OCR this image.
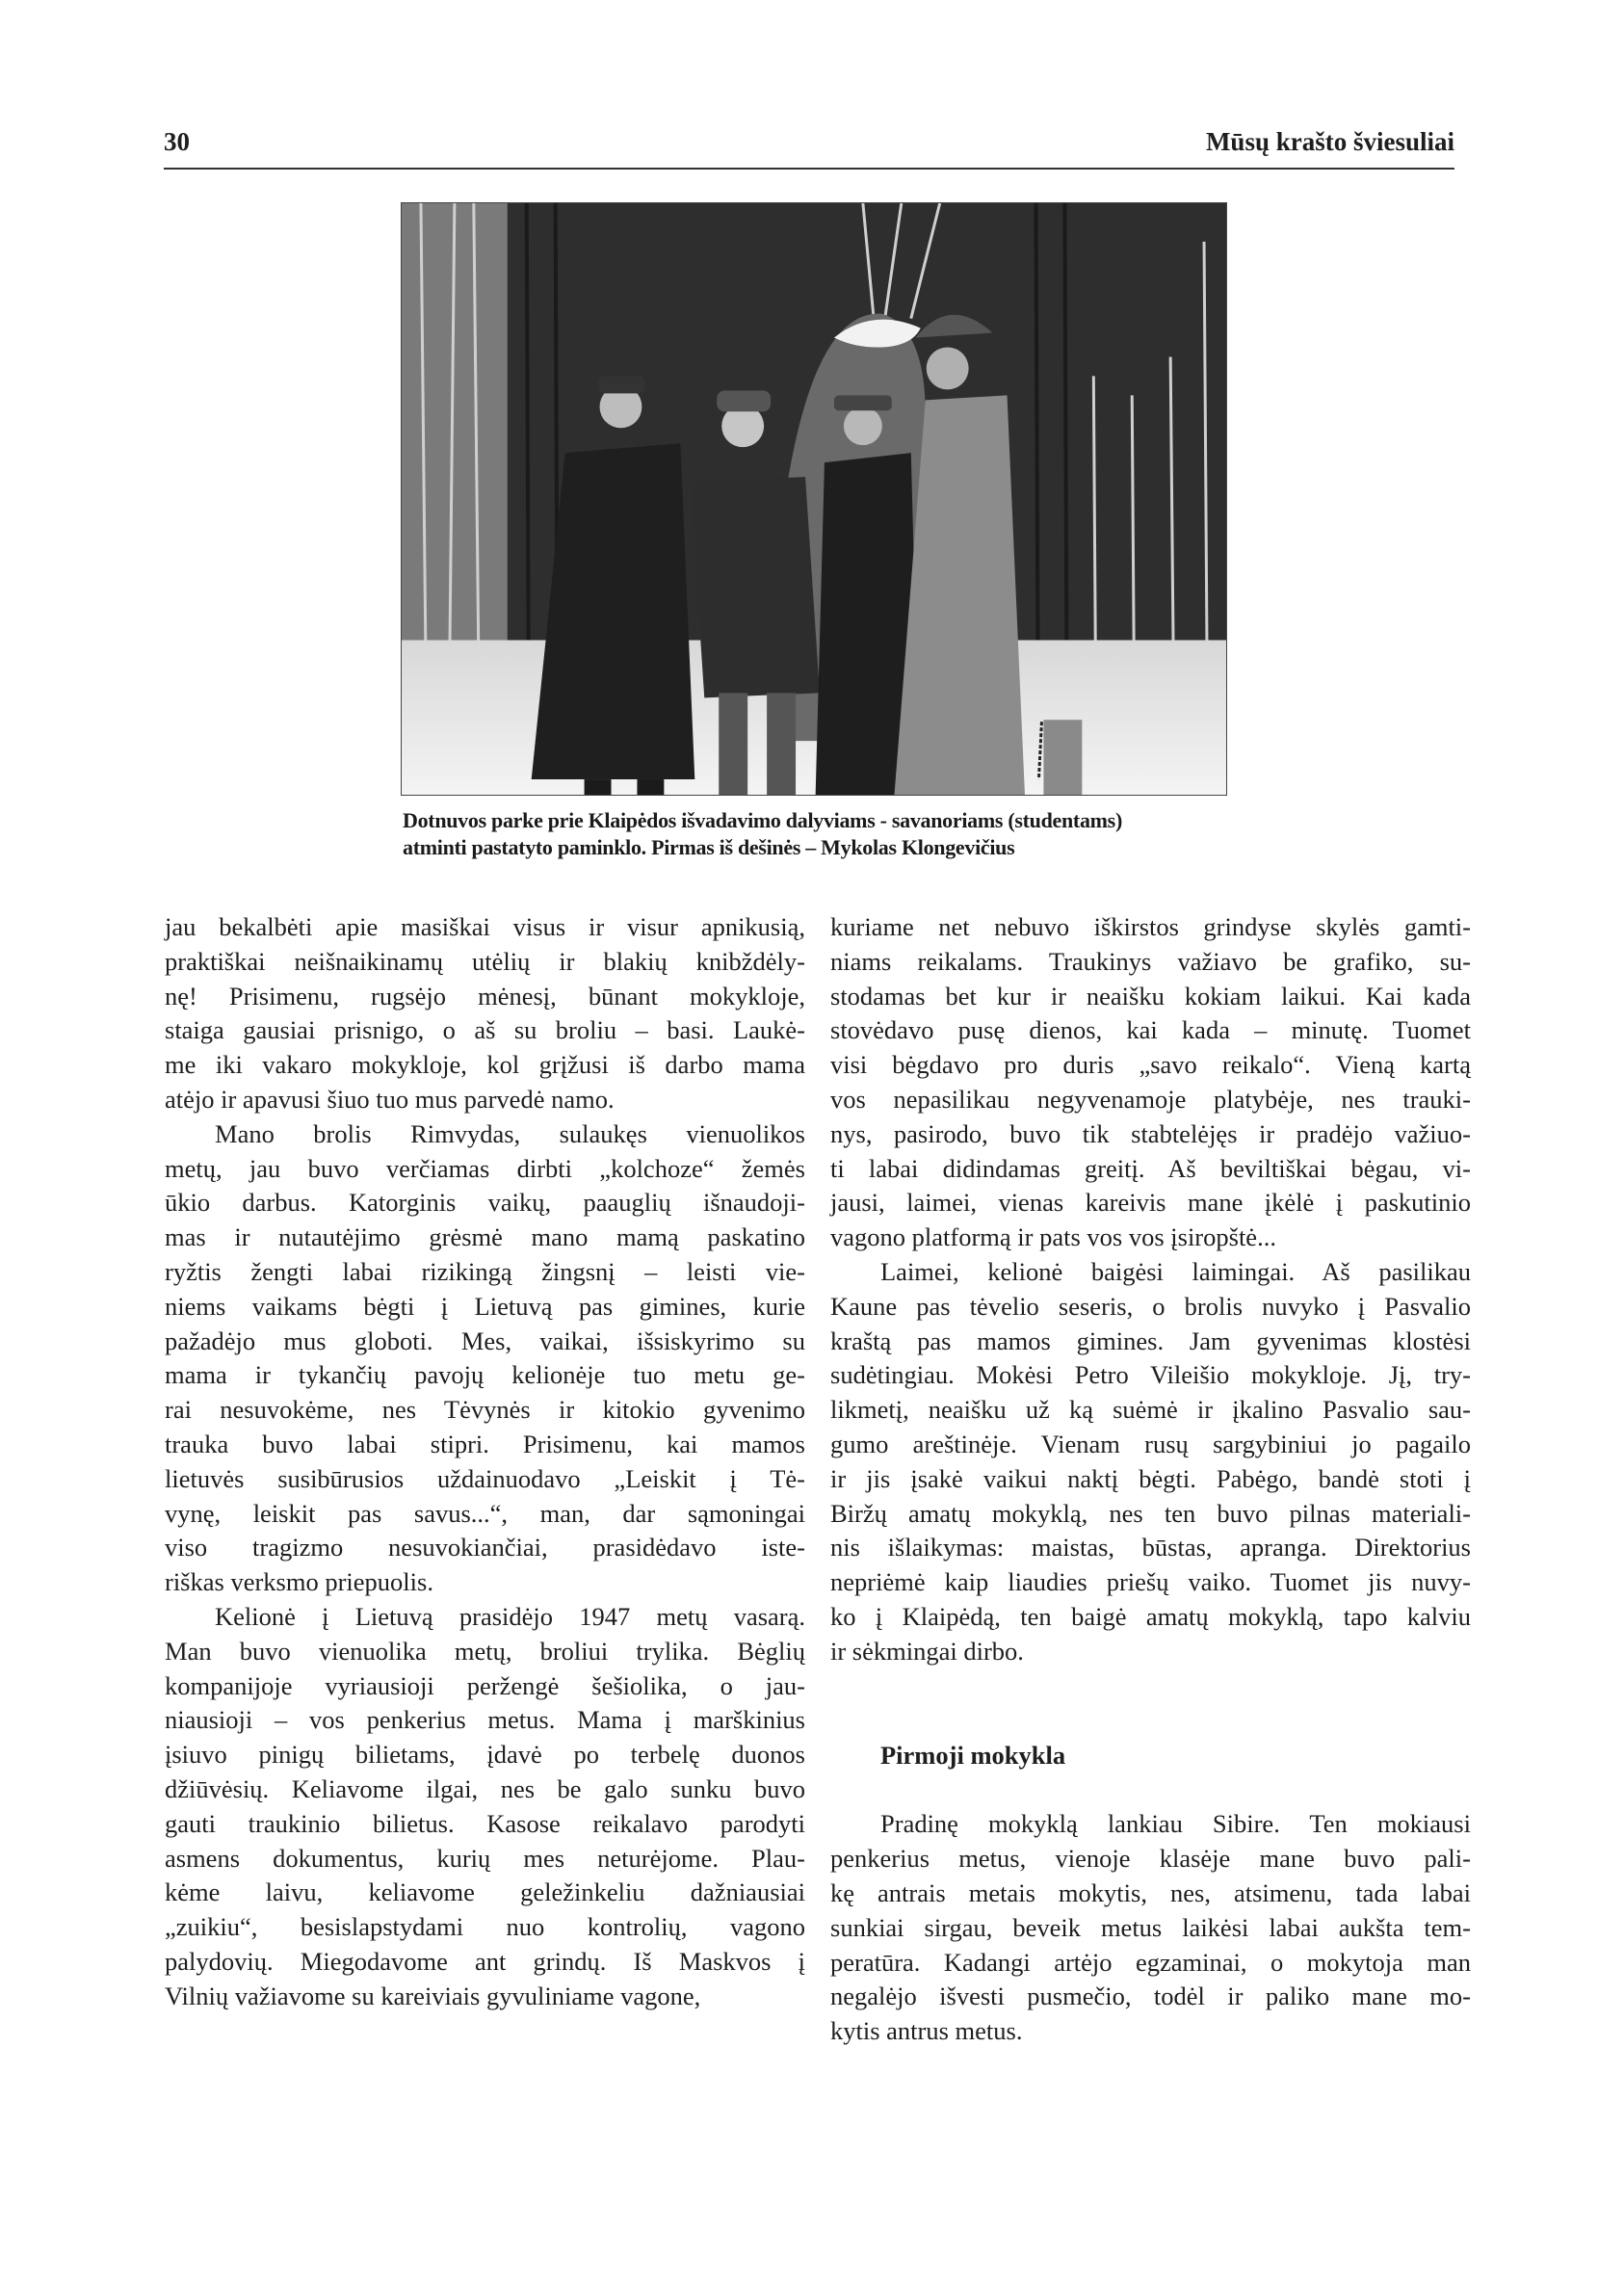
30	Mūsų krašto šviesuliai
Dotnuvos parke prie Klaipėdos išvadavimo dalyviams - savanoriams (studentams)
atminti pastatyto paminklo. Pirmas iš dešinės – Mykolas Klongevičius
jau bekalbėti apie masiškai visus ir visur apnikusią,
praktiškai neišnaikinamų utėlių ir blakių knibždėly-
nę! Prisimenu, rugsėjo mėnesį, būnant mokykloje,
staiga gausiai prisnigo, o aš su broliu – basi. Laukė-
me iki vakaro mokykloje, kol grįžusi iš darbo mama
atėjo ir apavusi šiuo tuo mus parvedė namo.
Mano brolis Rimvydas, sulaukęs vienuolikos
metų, jau buvo verčiamas dirbti „kolchoze“ žemės
ūkio darbus. Katorginis vaikų, paauglių išnaudoji-
mas ir nutautėjimo grėsmė mano mamą paskatino
ryžtis žengti labai rizikingą žingsnį – leisti vie-
niems vaikams bėgti į Lietuvą pas gimines, kurie
pažadėjo mus globoti. Mes, vaikai, išsiskyrimo su
mama ir tykančių pavojų kelionėje tuo metu ge-
rai nesuvokėme, nes Tėvynės ir kitokio gyvenimo
trauka buvo labai stipri. Prisimenu, kai mamos
lietuvės susibūrusios uždainuodavo „Leiskit į Tė-
vynę, leiskit pas savus...“, man, dar sąmoningai
viso tragizmo nesuvokiančiai, prasidėdavo iste-
riškas verksmo priepuolis.
Kelionė į Lietuvą prasidėjo 1947 metų vasarą.
Man buvo vienuolika metų, broliui trylika. Bėglių
kompanijoje vyriausioji peržengė šešiolika, o jau-
niausioji – vos penkerius metus. Mama į marškinius
įsiuvo pinigų bilietams, įdavė po terbelę duonos
džiūvėsių. Keliavome ilgai, nes be galo sunku buvo
gauti traukinio bilietus. Kasose reikalavo parodyti
asmens dokumentus, kurių mes neturėjome. Plau-
kėme laivu, keliavome geležinkeliu dažniausiai
„zuikiu“, besislapstydami nuo kontrolių, vagono
palydovių. Miegodavome ant grindų. Iš Maskvos į
Vilnių važiavome su kareiviais gyvuliniame vagone,
kuriame net nebuvo iškirstos grindyse skylės gamti-
niams reikalams. Traukinys važiavo be grafiko, su-
stodamas bet kur ir neaišku kokiam laikui. Kai kada
stovėdavo pusę dienos, kai kada – minutę. Tuomet
visi bėgdavo pro duris „savo reikalo“. Vieną kartą
vos nepasilikau negyvenamoje platybėje, nes trauki-
nys, pasirodo, buvo tik stabtelėjęs ir pradėjo važiuo-
ti labai didindamas greitį. Aš beviltiškai bėgau, vi-
jausi, laimei, vienas kareivis mane įkėlė į paskutinio
vagono platformą ir pats vos vos įsiropštė...
Laimei, kelionė baigėsi laimingai. Aš pasilikau
Kaune pas tėvelio seseris, o brolis nuvyko į Pasvalio
kraštą pas mamos gimines. Jam gyvenimas klostėsi
sudėtingiau. Mokėsi Petro Vileišio mokykloje. Jį, try-
likmetį, neaišku už ką suėmė ir įkalino Pasvalio sau-
gumo areštinėje. Vienam rusų sargybiniui jo pagailo
ir jis įsakė vaikui naktį bėgti. Pabėgo, bandė stoti į
Biržų amatų mokyklą, nes ten buvo pilnas materiali-
nis išlaikymas: maistas, būstas, apranga. Direktorius
nepriėmė kaip liaudies priešų vaiko. Tuomet jis nuvy-
ko į Klaipėdą, ten baigė amatų mokyklą, tapo kalviu
ir sėkmingai dirbo.
Pirmoji mokykla
Pradinę mokyklą lankiau Sibire. Ten mokiausi
penkerius metus, vienoje klasėje mane buvo pali-
kę antrais metais mokytis, nes, atsimenu, tada labai
sunkiai sirgau, beveik metus laikėsi labai aukšta tem-
peratūra. Kadangi artėjo egzaminai, o mokytoja man
negalėjo išvesti pusmečio, todėl ir paliko mane mo-
kytis antrus metus.
